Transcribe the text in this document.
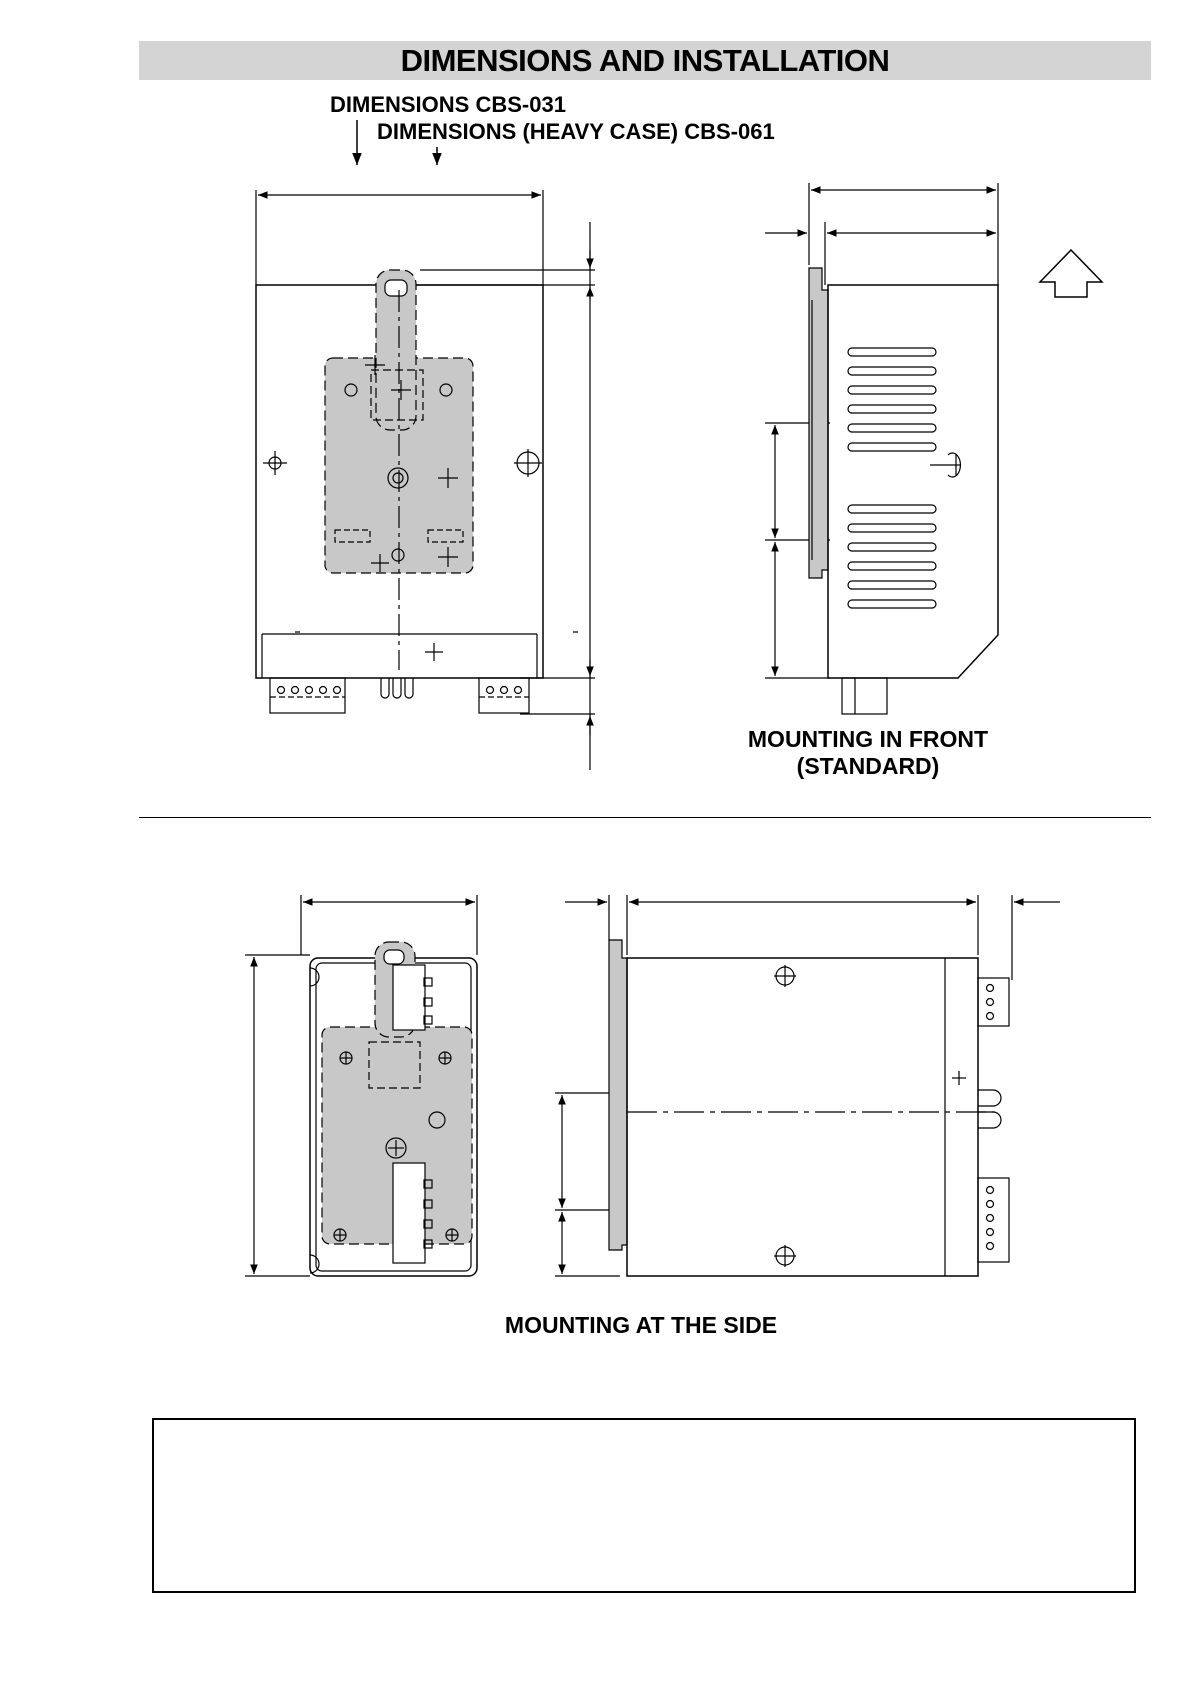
DIMENSIONS AND INSTALLATION
DIMENSIONS CBS-031
DIMENSIONS (HEAVY CASE) CBS-061
MOUNTING IN FRONT
(STANDARD)
MOUNTING AT THE SIDE
